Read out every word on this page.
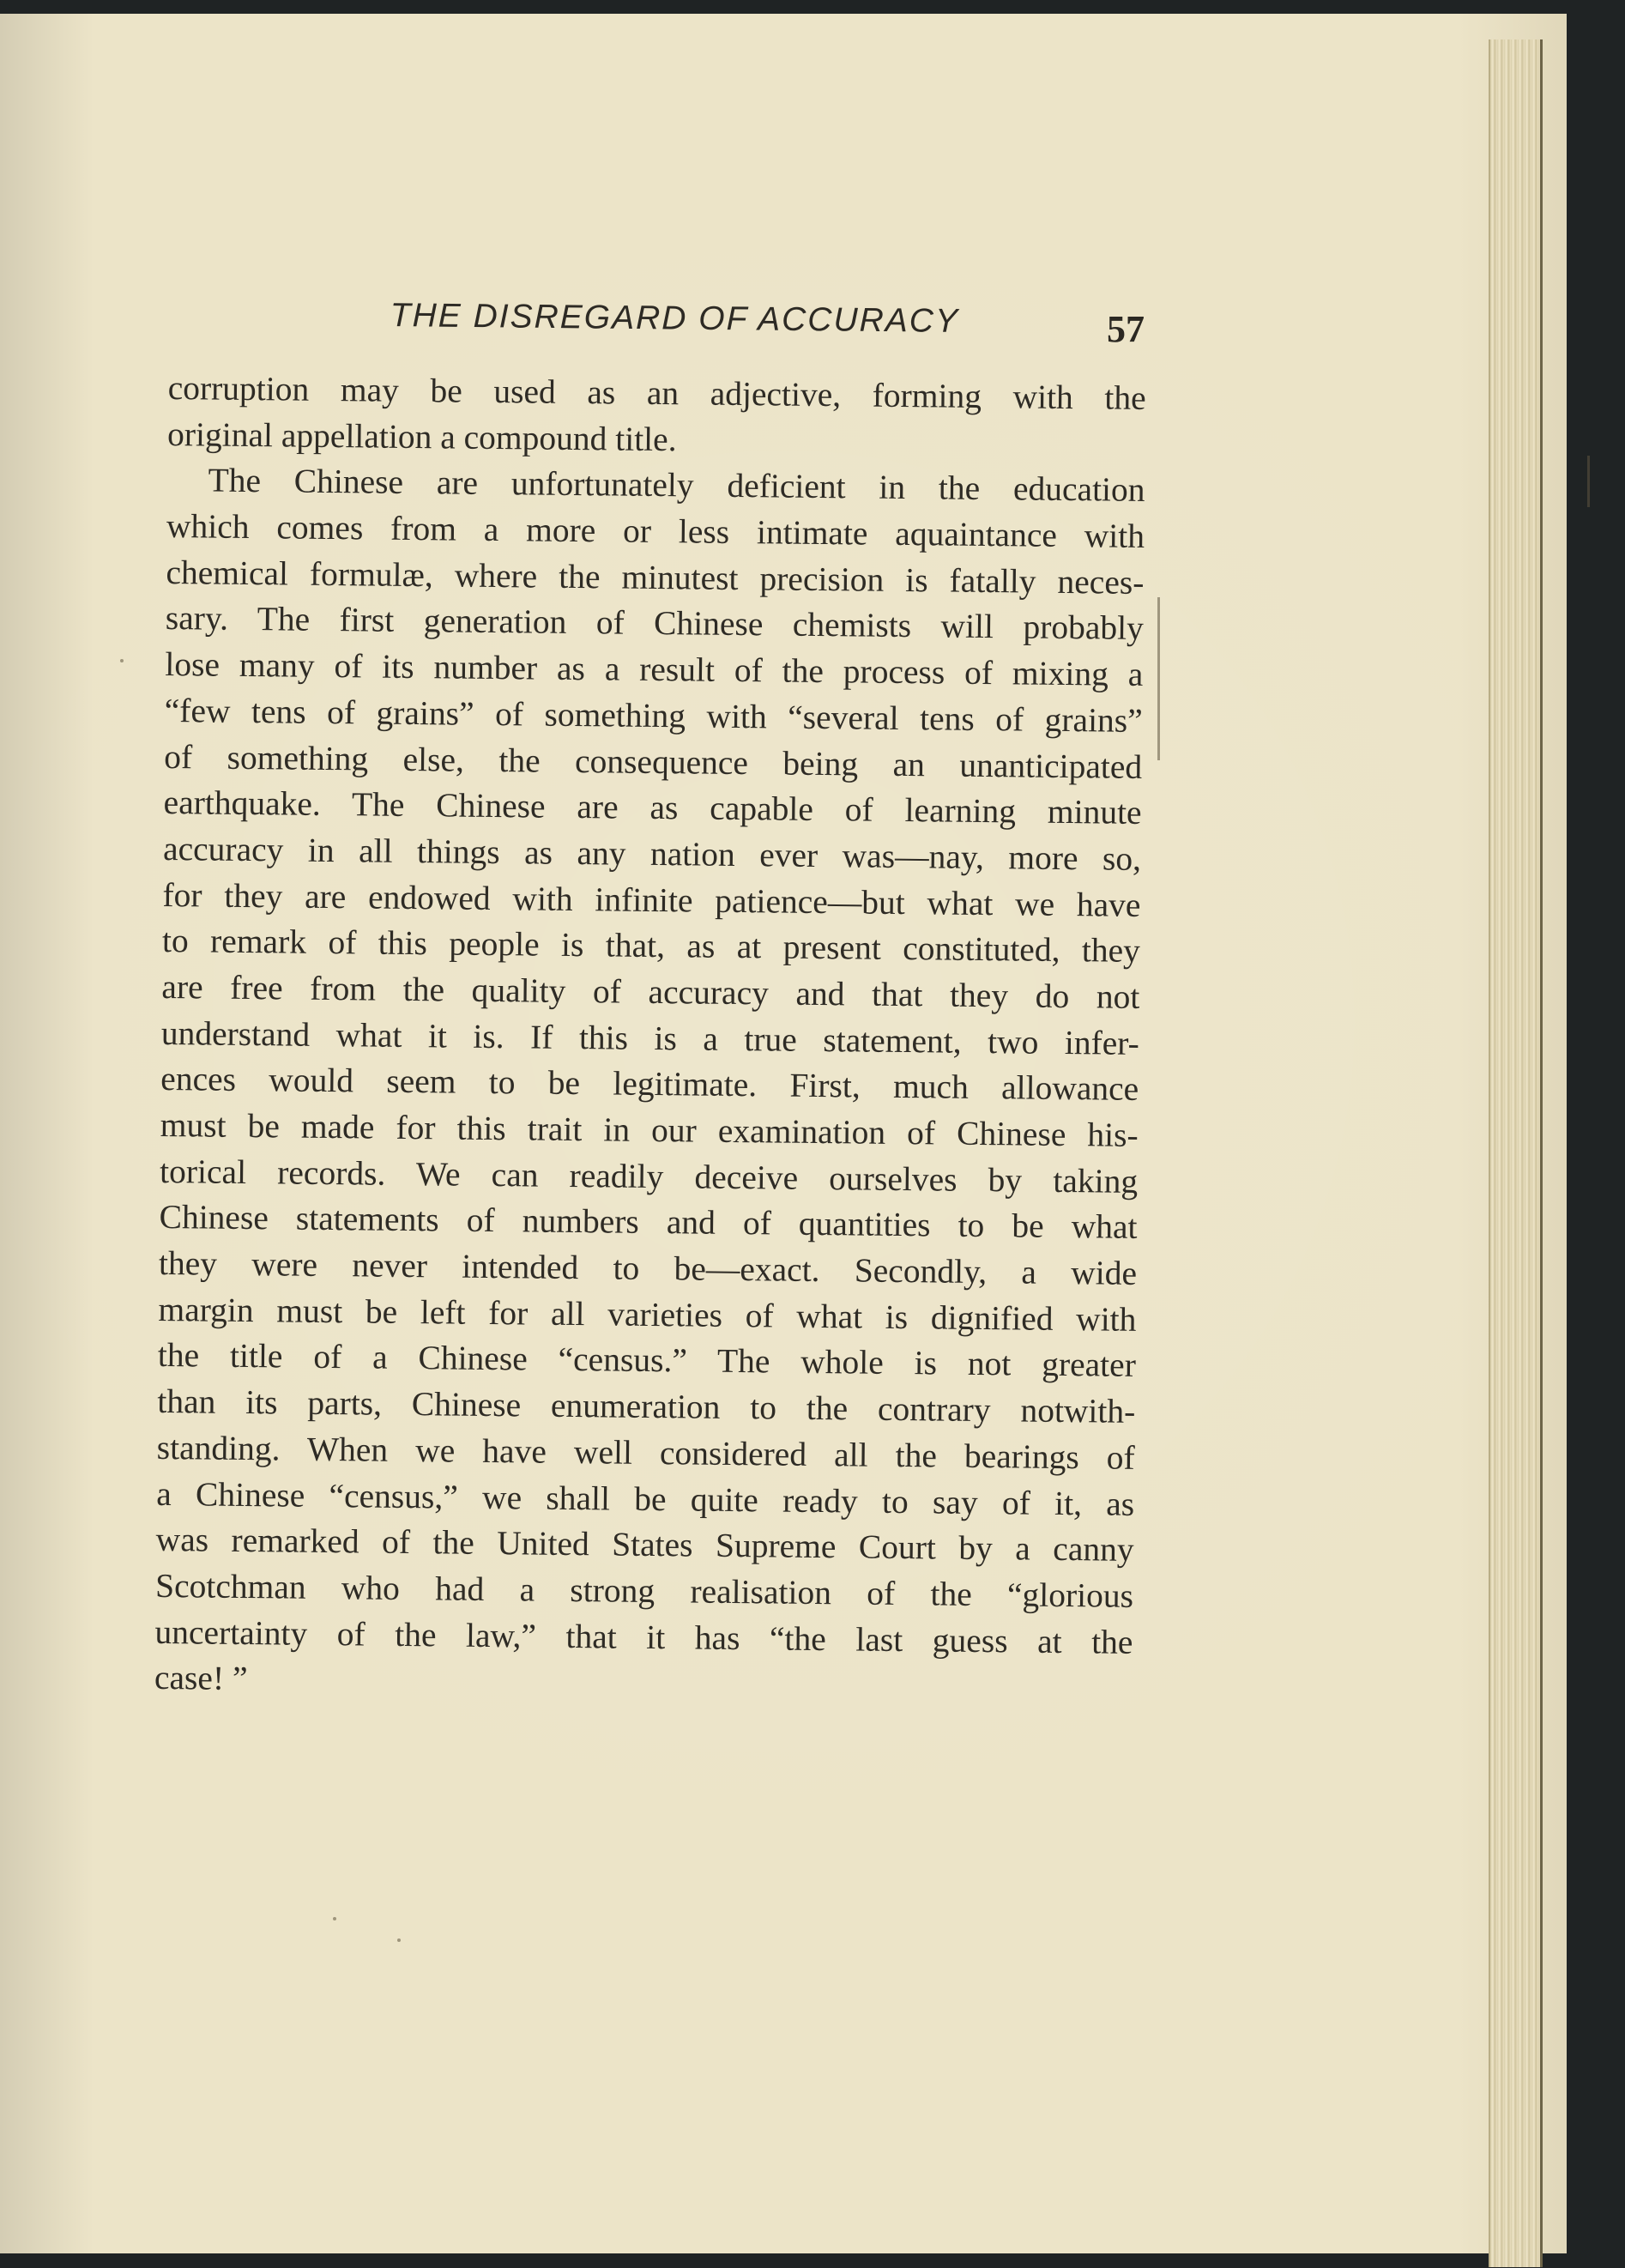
THE DISREGARD OF ACCURACY	57
corruption may be used as an adjective, forming with the
original appellation a compound title.
The Chinese are unfortunately deficient in the education
which comes from a more or less intimate aquaintance with
chemical formulæ, where the minutest precision is fatally neces-
sary. The first generation of Chinese chemists will probably
lose many of its number as a result of the process of mixing a
“few tens of grains” of something with “several tens of grains”
of something else, the consequence being an unanticipated
earthquake. The Chinese are as capable of learning minute
accuracy in all things as any nation ever was—nay, more so,
for they are endowed with infinite patience—but what we have
to remark of this people is that, as at present constituted, they
are free from the quality of accuracy and that they do not
understand what it is. If this is a true statement, two infer-
ences would seem to be legitimate. First, much allowance
must be made for this trait in our examination of Chinese his-
torical records. We can readily deceive ourselves by taking
Chinese statements of numbers and of quantities to be what
they were never intended to be—exact. Secondly, a wide
margin must be left for all varieties of what is dignified with
the title of a Chinese “census.” The whole is not greater
than its parts, Chinese enumeration to the contrary notwith-
standing. When we have well considered all the bearings of
a Chinese “census,” we shall be quite ready to say of it, as
was remarked of the United States Supreme Court by a canny
Scotchman who had a strong realisation of the “glorious
uncertainty of the law,” that it has “the last guess at the
case! ”
